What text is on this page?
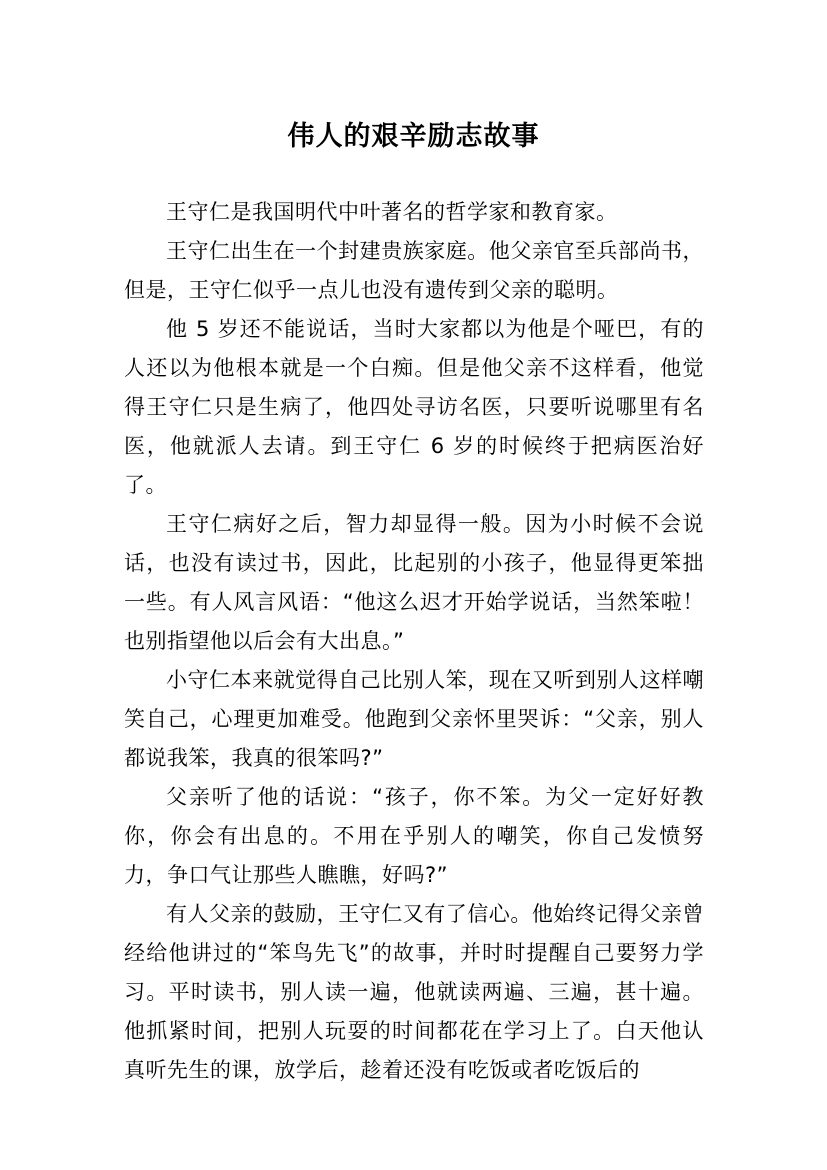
伟人的艰辛励志故事

王守仁是我国明代中叶著名的哲学家和教育家。

王守仁出生在一个封建贵族家庭。他父亲官至兵部尚书，但是，王守仁似乎一点儿也没有遗传到父亲的聪明。

他 5 岁还不能说话，当时大家都以为他是个哑巴，有的人还以为他根本就是一个白痴。但是他父亲不这样看，他觉得王守仁只是生病了，他四处寻访名医，只要听说哪里有名医，他就派人去请。到王守仁 6 岁的时候终于把病医治好了。

王守仁病好之后，智力却显得一般。因为小时候不会说话，也没有读过书，因此，比起别的小孩子，他显得更笨拙一些。有人风言风语：“他这么迟才开始学说话，当然笨啦！也别指望他以后会有大出息。”

小守仁本来就觉得自己比别人笨，现在又听到别人这样嘲笑自己，心理更加难受。他跑到父亲怀里哭诉：“父亲，别人都说我笨，我真的很笨吗?”

父亲听了他的话说：“孩子，你不笨。为父一定好好教你，你会有出息的。不用在乎别人的嘲笑，你自己发愤努力，争口气让那些人瞧瞧，好吗?”

有人父亲的鼓励，王守仁又有了信心。他始终记得父亲曾经给他讲过的“笨鸟先飞”的故事，并时时提醒自己要努力学习。平时读书，别人读一遍，他就读两遍、三遍，甚十遍。他抓紧时间，把别人玩耍的时间都花在学习上了。白天他认真听先生的课，放学后，趁着还没有吃饭或者吃饭后的
